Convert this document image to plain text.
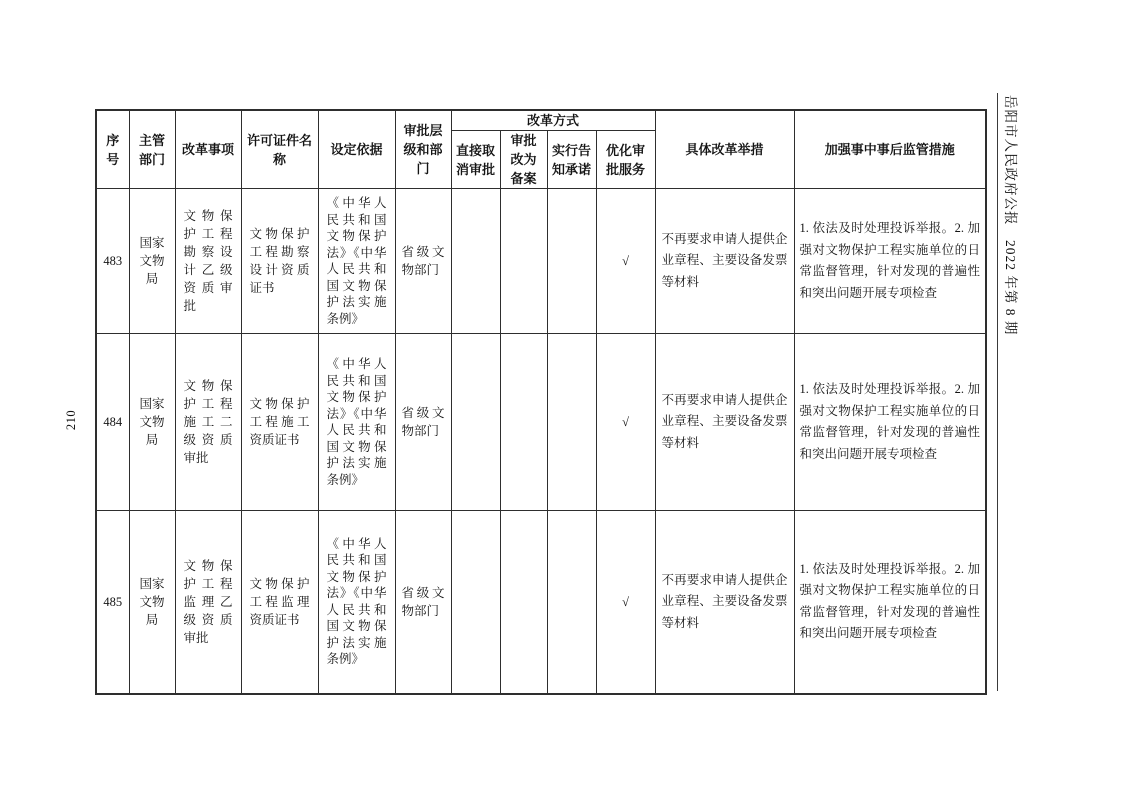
序号	主管部门	改革事项	许可证件名称	设定依据	审批层级和部门	改革方式				具体改革举措	加强事中事后监管措施
						直接取消审批	审批改为备案	实行告知承诺	优化审批服务		
483	国家文物局	文物保护工程勘察设计乙级资质审批	文物保护工程勘察设计资质证书	《中华人民共和国文物保护法》《中华人民共和国文物保护法实施条例》	省级文物部门				√	不再要求申请人提供企业章程、主要设备发票等材料	1. 依法及时处理投诉举报。2. 加强对文物保护工程实施单位的日常监督管理，针对发现的普遍性和突出问题开展专项检查
484	国家文物局	文物保护工程施工二级资质审批	文物保护工程施工资质证书	《中华人民共和国文物保护法》《中华人民共和国文物保护法实施条例》	省级文物部门				√	不再要求申请人提供企业章程、主要设备发票等材料	1. 依法及时处理投诉举报。2. 加强对文物保护工程实施单位的日常监督管理，针对发现的普遍性和突出问题开展专项检查
485	国家文物局	文物保护工程监理乙级资质审批	文物保护工程监理资质证书	《中华人民共和国文物保护法》《中华人民共和国文物保护法实施条例》	省级文物部门				√	不再要求申请人提供企业章程、主要设备发票等材料	1. 依法及时处理投诉举报。2. 加强对文物保护工程实施单位的日常监督管理，针对发现的普遍性和突出问题开展专项检查
岳阳市人民政府公报　2022 年第 8 期
210
